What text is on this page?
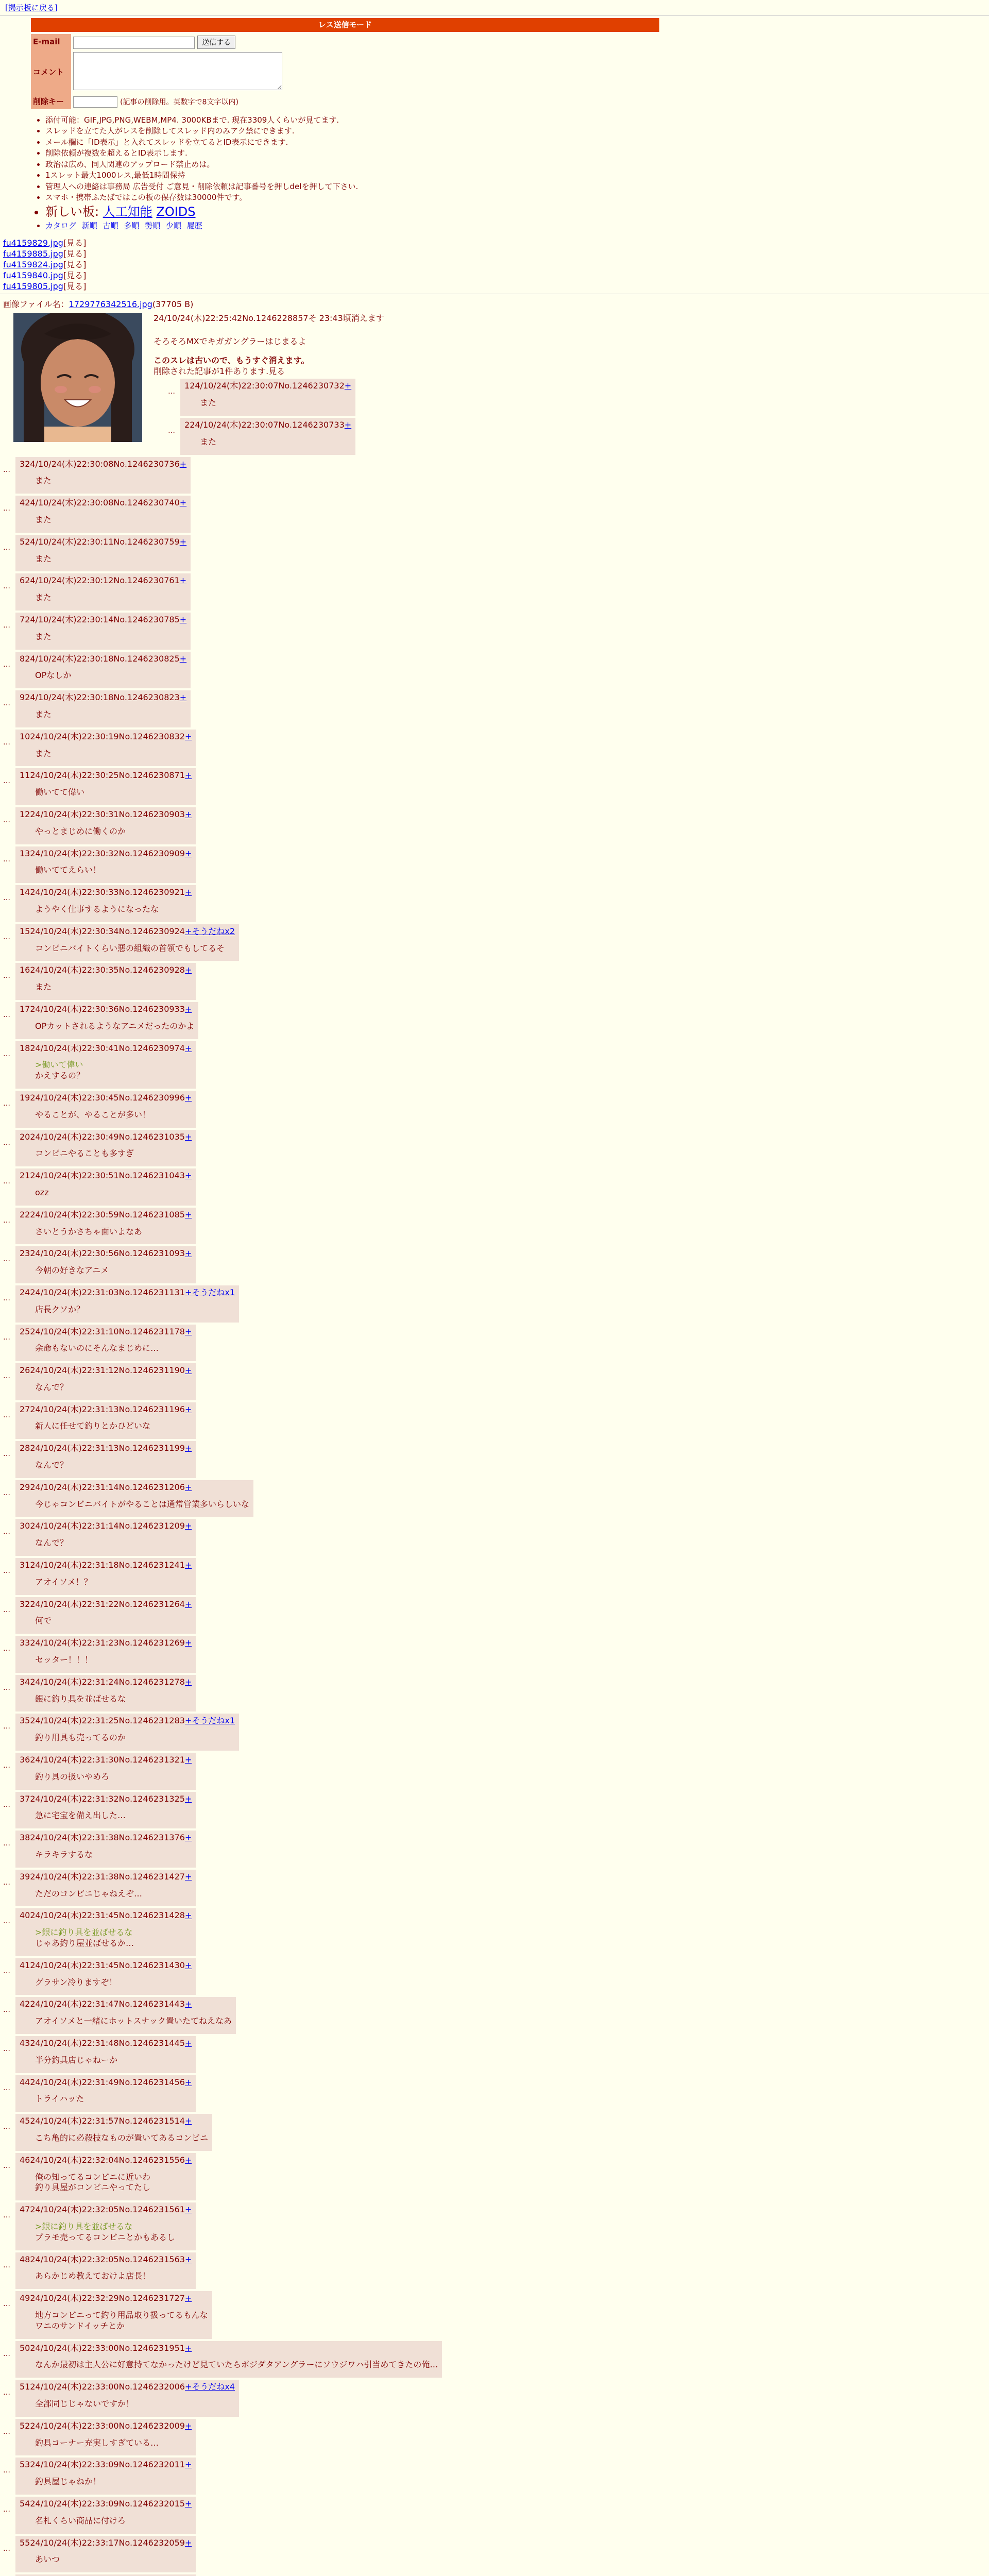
[掲示板に戻る]
レス送信モード
E-mail	送信する
コメント	
削除キー	(記事の削除用。英数字で8文字以内)
• 添付可能：GIF,JPG,PNG,WEBM,MP4. 3000KBまで. 現在3309人くらいが見てます.
• スレッドを立てた人がレスを削除してスレッド内のみアク禁にできます.
• メール欄に「ID表示」と入れてスレッドを立てるとID表示にできます.
• 削除依頼が複数を超えるとID表示します.
• 政治は広め、同人関連のアップロード禁止めは。
• 1スレット最大1000レス,最低1時間保持
• 管理人への連絡は事務局 広告受付 ご意見・削除依頼は記事番号を押しdelを押して下さい.
• スマホ・携帯ふたばではこの板の保存数は30000件です。
• 新しい板: 人工知能 ZOIDS
• カタログ 新順 古順 多順 勢順 少順 履歴
fu4159829.jpg[見る]
fu4159885.jpg[見る]
fu4159824.jpg[見る]
fu4159840.jpg[見る]
fu4159805.jpg[見る]
画像ファイル名：1729776342516.jpg(37705 B)
24/10/24(木)22:25:42No.1246228857そ 23:43頃消えます
そろそろMXでキガガングラーはじまるよ
このスレは古いので、もうすぐ消えます。
削除された記事が1件あります.見る
…
124/10/24(木)22:30:07No.1246230732+
また
…
224/10/24(木)22:30:07No.1246230733+
また
…
324/10/24(木)22:30:08No.1246230736+
また
…
424/10/24(木)22:30:08No.1246230740+
また
…
524/10/24(木)22:30:11No.1246230759+
また
…
624/10/24(木)22:30:12No.1246230761+
また
…
724/10/24(木)22:30:14No.1246230785+
また
…
824/10/24(木)22:30:18No.1246230825+
OPなしか
…
924/10/24(木)22:30:18No.1246230823+
また
…
1024/10/24(木)22:30:19No.1246230832+
また
…
1124/10/24(木)22:30:25No.1246230871+
働いてて偉い
…
1224/10/24(木)22:30:31No.1246230903+
やっとまじめに働くのか
…
1324/10/24(木)22:30:32No.1246230909+
働いててえらい！
…
1424/10/24(木)22:30:33No.1246230921+
ようやく仕事するようになったな
…
1524/10/24(木)22:30:34No.1246230924+そうだねx2
コンビニバイトくらい悪の組織の首領でもしてるそ
…
1624/10/24(木)22:30:35No.1246230928+
また
…
1724/10/24(木)22:30:36No.1246230933+
OPカットされるようなアニメだったのかよ
…
1824/10/24(木)22:30:41No.1246230974+
>働いて偉い
かえするの？
…
1924/10/24(木)22:30:45No.1246230996+
やることが、やることが多い！
…
2024/10/24(木)22:30:49No.1246231035+
コンビニやることも多すぎ
…
2124/10/24(木)22:30:51No.1246231043+
ozz
…
2224/10/24(木)22:30:59No.1246231085+
さいとうかさちゃ面いよなあ
…
2324/10/24(木)22:30:56No.1246231093+
今朝の好きなアニメ
…
2424/10/24(木)22:31:03No.1246231131+そうだねx1
店長クソか？
…
2524/10/24(木)22:31:10No.1246231178+
余命もないのにそんなまじめに…
…
2624/10/24(木)22:31:12No.1246231190+
なんで？
…
2724/10/24(木)22:31:13No.1246231196+
新人に任せて釣りとかひどいな
…
2824/10/24(木)22:31:13No.1246231199+
なんで？
…
2924/10/24(木)22:31:14No.1246231206+
今じゃコンビニバイトがやることは通常営業多いらしいな
…
3024/10/24(木)22:31:14No.1246231209+
なんで？
…
3124/10/24(木)22:31:18No.1246231241+
アオイソメ！？
…
3224/10/24(木)22:31:22No.1246231264+
何で
…
3324/10/24(木)22:31:23No.1246231269+
セッター！！！
…
3424/10/24(木)22:31:24No.1246231278+
銀に釣り具を並ばせるな
…
3524/10/24(木)22:31:25No.1246231283+そうだねx1
釣り用具も売ってるのか
…
3624/10/24(木)22:31:30No.1246231321+
釣り具の扱いやめろ
…
3724/10/24(木)22:31:32No.1246231325+
急に宅宝を備え出した…
…
3824/10/24(木)22:31:38No.1246231376+
キラキラするな
…
3924/10/24(木)22:31:38No.1246231427+
ただのコンビニじゃねえぞ…
…
4024/10/24(木)22:31:45No.1246231428+
>銀に釣り具を並ばせるな
じゃあ釣り屋並ばせるか…
…
4124/10/24(木)22:31:45No.1246231430+
グラサン冷りますぞ！
…
4224/10/24(木)22:31:47No.1246231443+
アオイソメと一緒にホットスナック置いたてねえなあ
…
4324/10/24(木)22:31:48No.1246231445+
半分釣具店じゃねーか
…
4424/10/24(木)22:31:49No.1246231456+
トライハッた
…
4524/10/24(木)22:31:57No.1246231514+
こち亀的に必殺技なものが置いてあるコンビニ
…
4624/10/24(木)22:32:04No.1246231556+
俺の知ってるコンビニに近いわ
釣り具屋がコンビニやってたし
…
4724/10/24(木)22:32:05No.1246231561+
>銀に釣り具を並ばせるな
プラモ売ってるコンビニとかもあるし
…
4824/10/24(木)22:32:05No.1246231563+
あらかじめ教えておけよ店長！
…
4924/10/24(木)22:32:29No.1246231727+
地方コンビニって釣り用品取り扱ってるもんな
ワニのサンドイッチとか
…
5024/10/24(木)22:33:00No.1246231951+
なんか最初は主人公に好意持てなかったけど見ていたらポジダタアングラーにソウジワハ引当めてきたの俺…
…
5124/10/24(木)22:33:00No.1246232006+そうだねx4
全部同じじゃないですか！
…
5224/10/24(木)22:33:00No.1246232009+
釣具コーナー充実しすぎている…
…
5324/10/24(木)22:33:09No.1246232011+
釣具屋じゃねか！
…
5424/10/24(木)22:33:09No.1246232015+
名札くらい商品に付けろ
…
5524/10/24(木)22:33:17No.1246232059+
あいつ
